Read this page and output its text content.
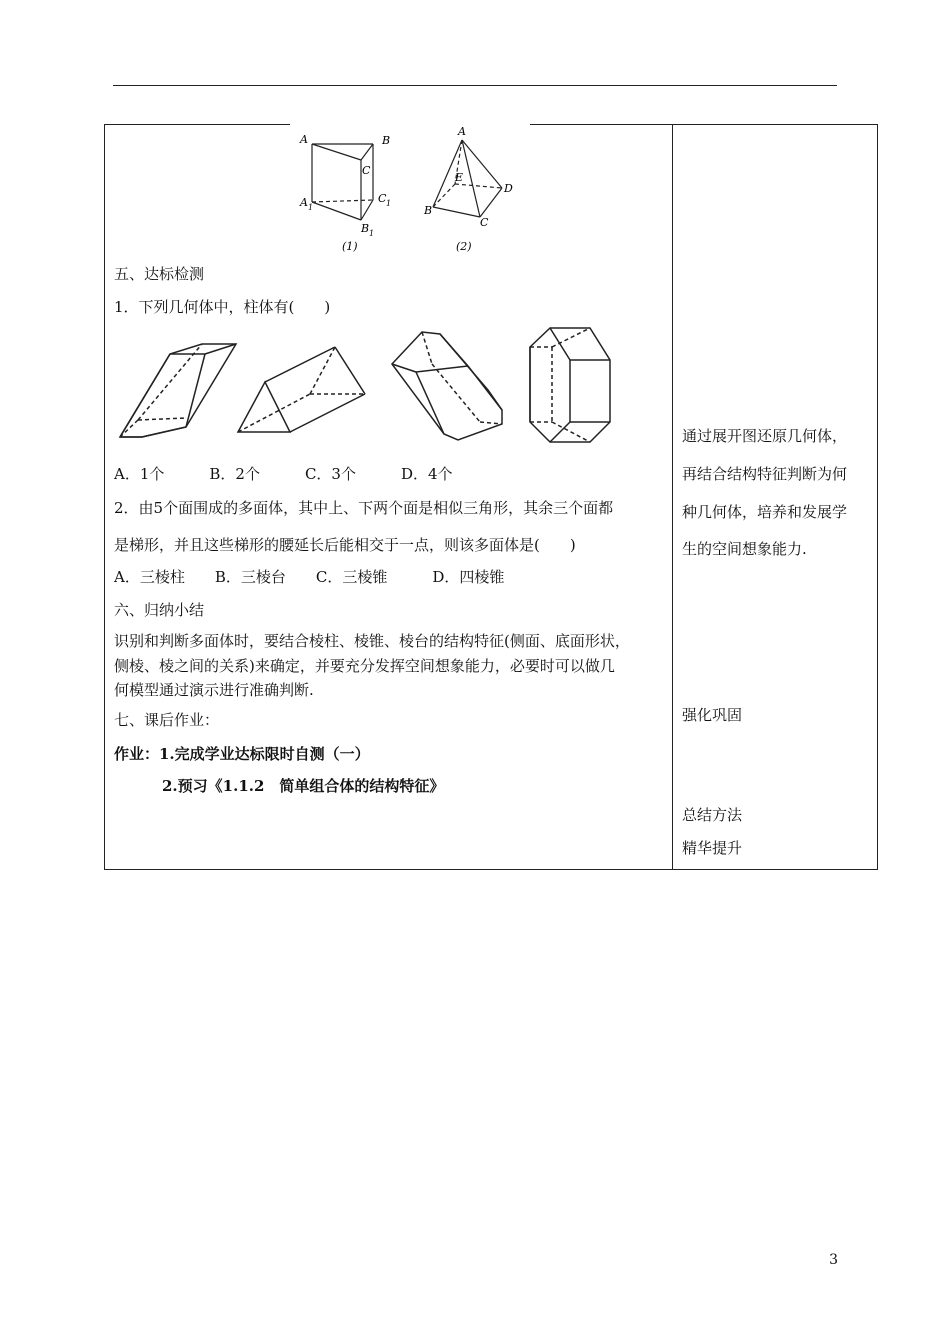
A	B
C
A 1
C 1
B 1
(1)
A
E
D
B
C
(2)
五、达标检测
1．下列几何体中，柱体有(　　)
A．1个　　　B．2个　　　C．3个　　　D．4个
2．由5个面围成的多面体，其中上、下两个面是相似三角形，其余三个面都
是梯形，并且这些梯形的腰延长后能相交于一点，则该多面体是(　　)
A．三棱柱　　B．三棱台　　C．三棱锥　　　D．四棱锥
六、归纳小结
识别和判断多面体时，要结合棱柱、棱锥、棱台的结构特征(侧面、底面形状，
侧棱、棱之间的关系)来确定，并要充分发挥空间想象能力，必要时可以做几
何模型通过演示进行准确判断.
七、课后作业：
作业：1.完成学业达标限时自测（一）
2.预习《1.1.2　简单组合体的结构特征》
通过展开图还原几何体，
再结合结构特征判断为何
种几何体，培养和发展学
生的空间想象能力.
强化巩固
总结方法
精华提升
3
